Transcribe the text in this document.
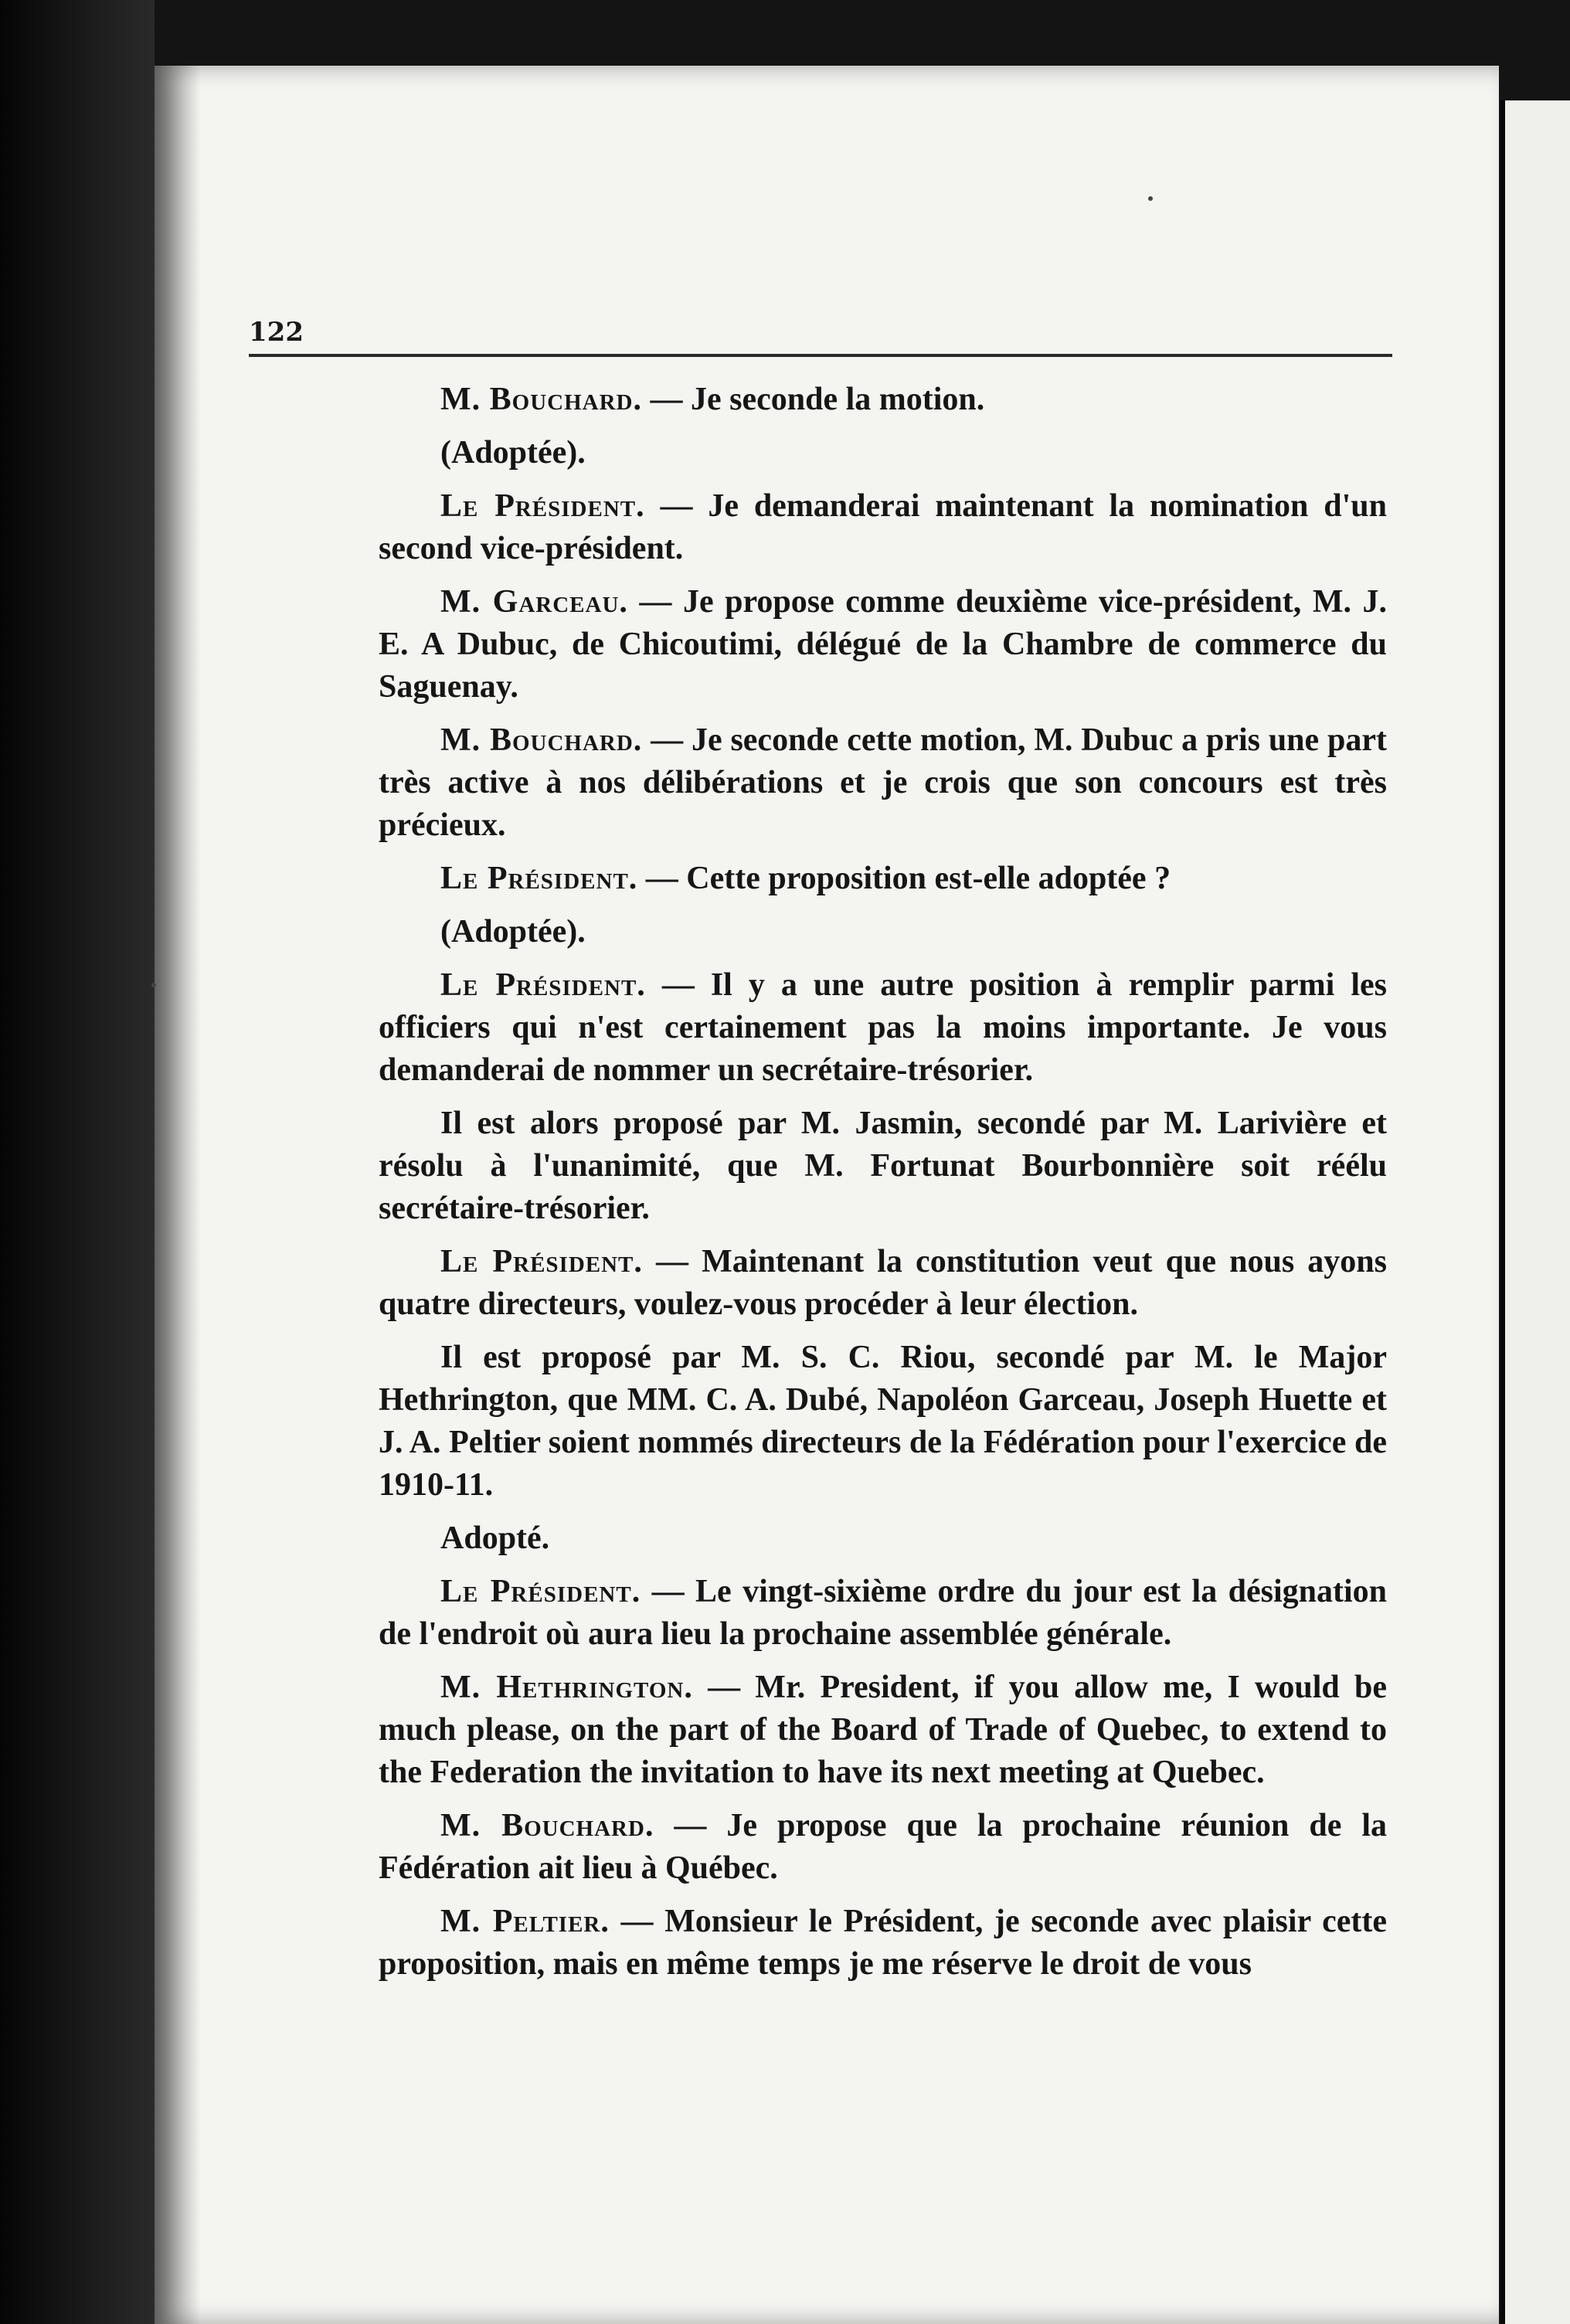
122

M. Bouchard. — Je seconde la motion.

(Adoptée).

Le Président. — Je demanderai maintenant la nomination d'un second vice-président.

M. Garceau. — Je propose comme deuxième vice-président, M. J. E. A Dubuc, de Chicoutimi, délégué de la Chambre de commerce du Saguenay.

M. Bouchard. — Je seconde cette motion, M. Dubuc a pris une part très active à nos délibérations et je crois que son concours est très précieux.

Le Président. — Cette proposition est-elle adoptée ?

(Adoptée).

Le Président. — Il y a une autre position à remplir parmi les officiers qui n'est certainement pas la moins importante. Je vous demanderai de nommer un secrétaire-trésorier.

Il est alors proposé par M. Jasmin, secondé par M. Larivière et résolu à l'unanimité, que M. Fortunat Bourbonnière soit réélu secrétaire-trésorier.

Le Président. — Maintenant la constitution veut que nous ayons quatre directeurs, voulez-vous procéder à leur élection.

Il est proposé par M. S. C. Riou, secondé par M. le Major Hethrington, que MM. C. A. Dubé, Napoléon Garceau, Joseph Huette et J. A. Peltier soient nommés directeurs de la Fédération pour l'exercice de 1910-11.

Adopté.

Le Président. — Le vingt-sixième ordre du jour est la désignation de l'endroit où aura lieu la prochaine assemblée générale.

M. Hethrington. — Mr. President, if you allow me, I would be much please, on the part of the Board of Trade of Quebec, to extend to the Federation the invitation to have its next meeting at Quebec.

M. Bouchard. — Je propose que la prochaine réunion de la Fédération ait lieu à Québec.

M. Peltier. — Monsieur le Président, je seconde avec plaisir cette proposition, mais en même temps je me réserve le droit de vous
